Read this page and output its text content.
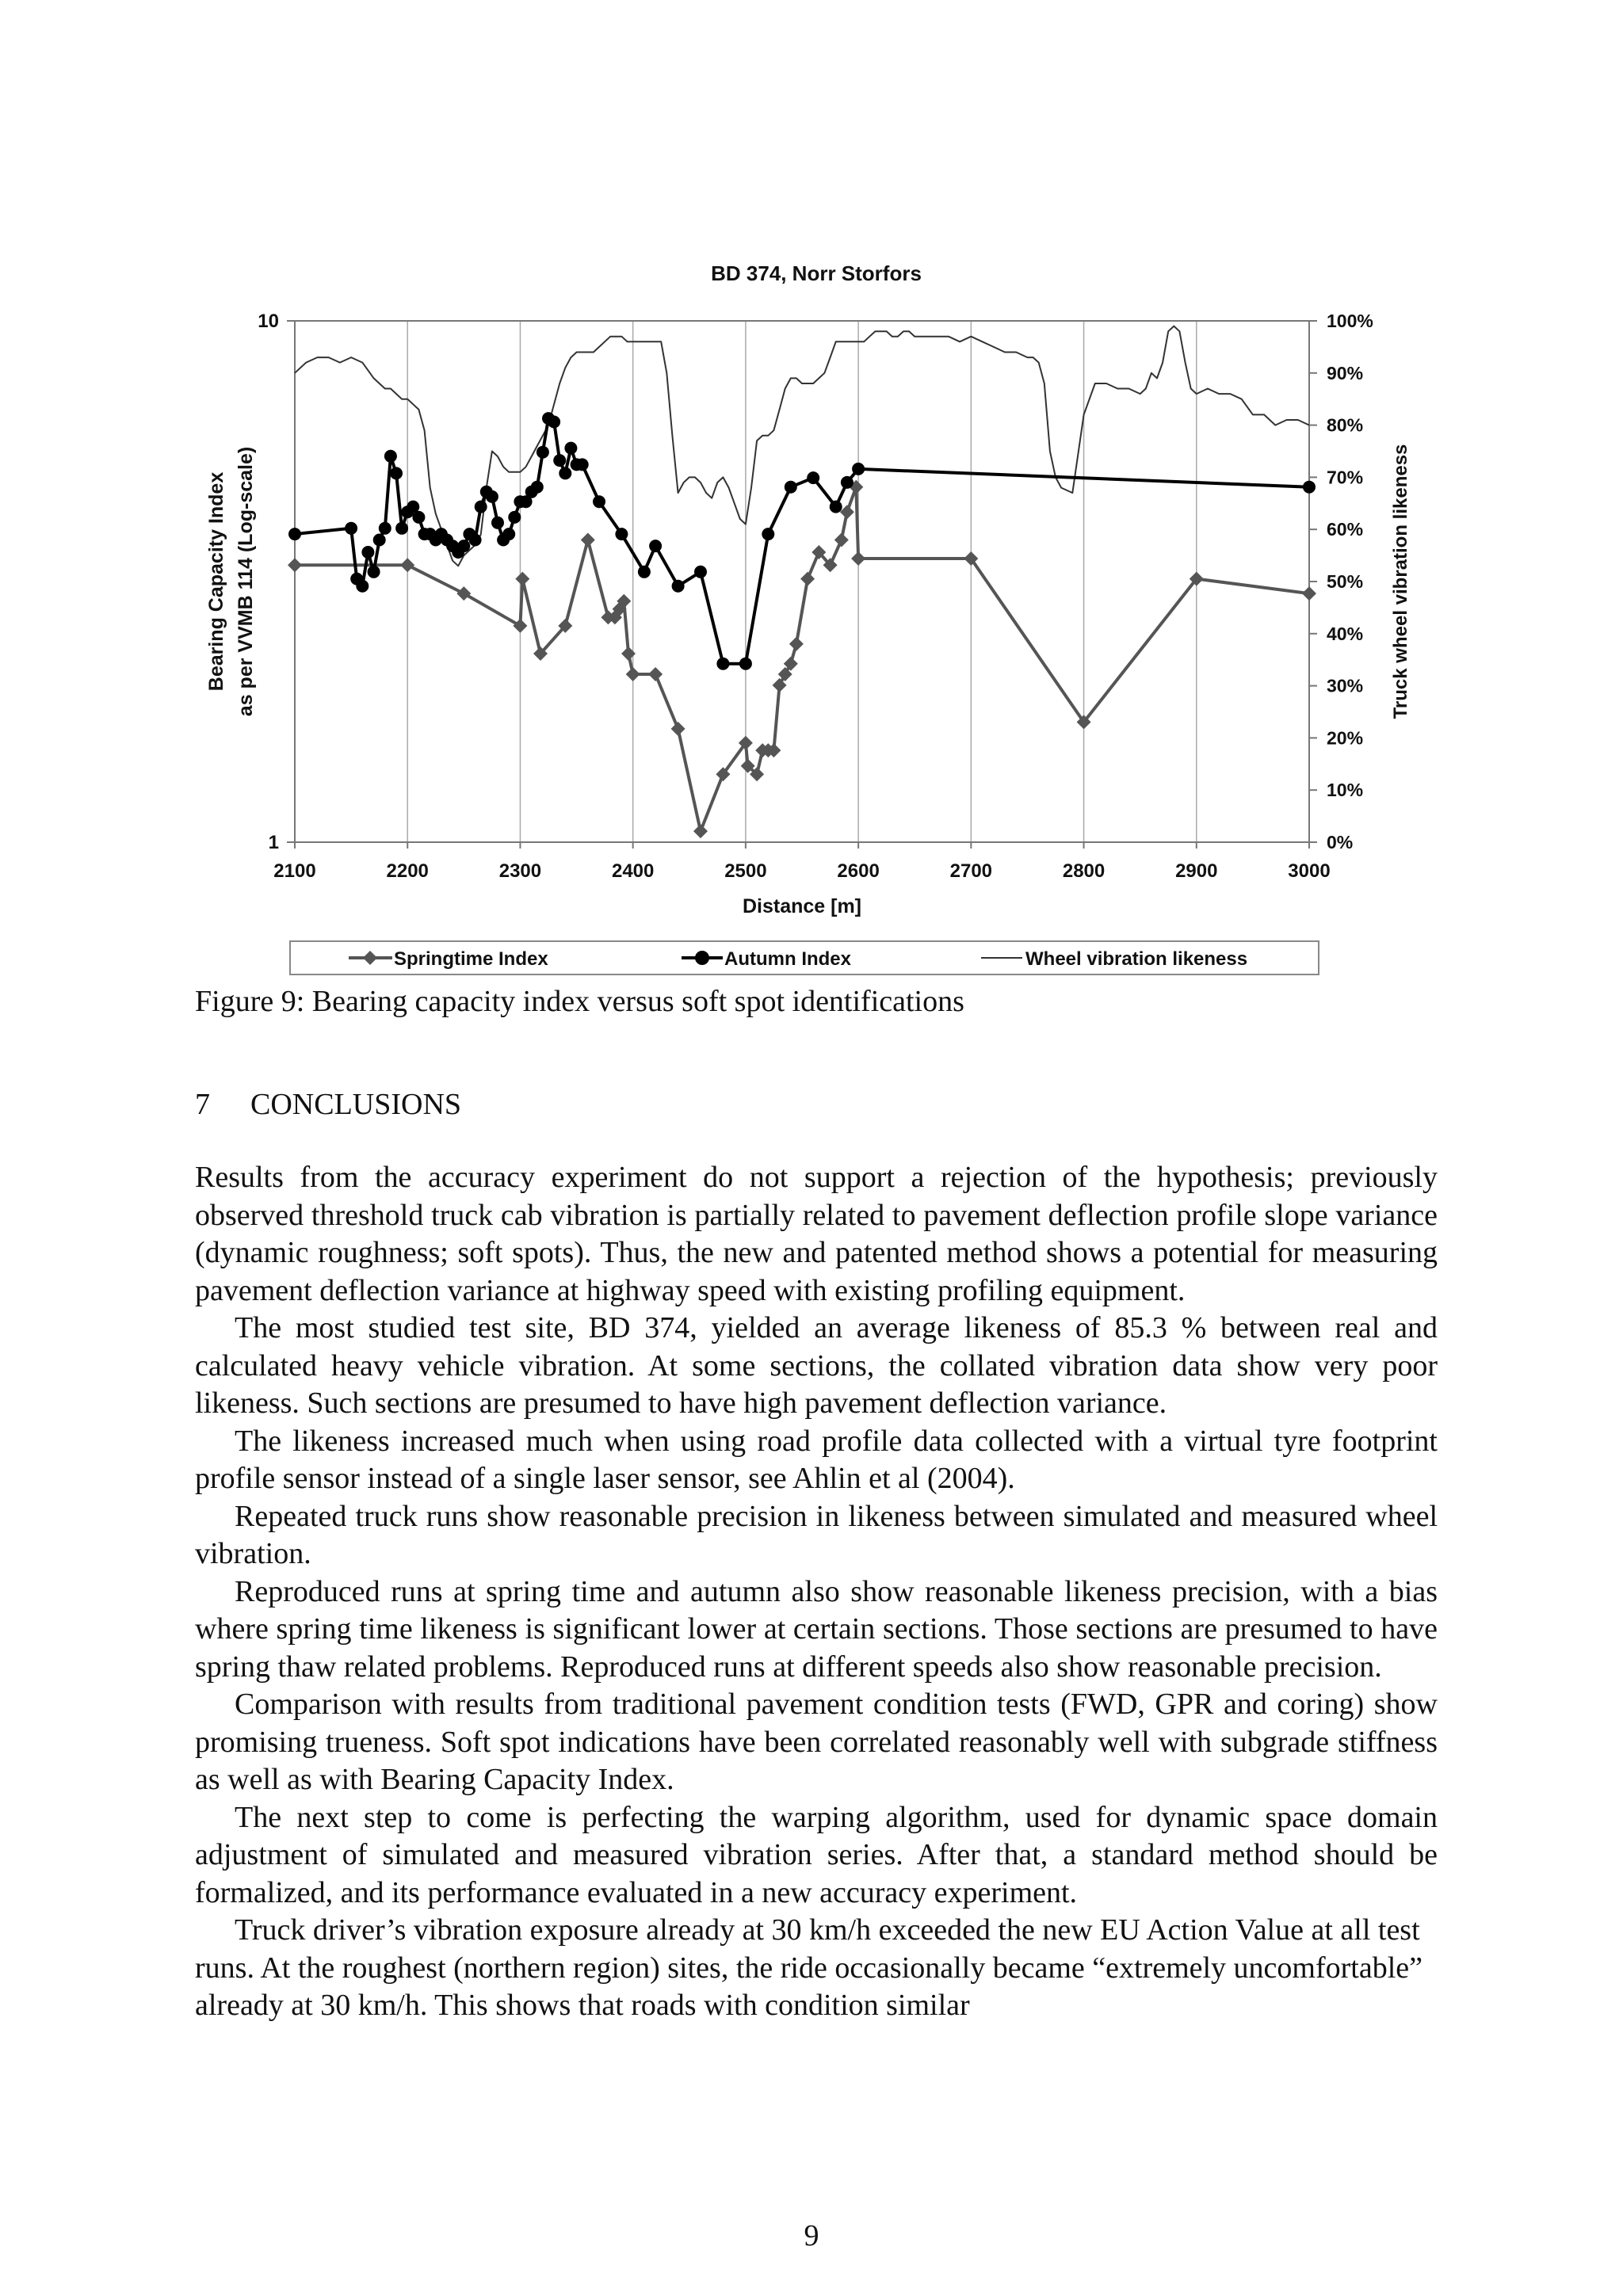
BD 374, Norr Storfors
2100	2200	2300	2400	2500	2600	2700	2800	2900	3000
10
1
100%
90%
80%
70%
60%
50%
40%
30%
20%
10%
0%
Distance [m]
Bearing Capacity Index as per VVMB 114 (Log-scale)	Truck wheel vibration likeness
Springtime Index	Autumn Index	Wheel vibration likeness

Figure 9: Bearing capacity index versus soft spot identifications

7 CONCLUSIONS

Results from the accuracy experiment do not support a rejection of the hypothesis; previously observed threshold truck cab vibration is partially related to pavement deflection profile slope variance (dynamic roughness; soft spots). Thus, the new and patented method shows a potential for measuring pavement deflection variance at highway speed with existing profiling equipment.

The most studied test site, BD 374, yielded an average likeness of 85.3 % between real and calculated heavy vehicle vibration. At some sections, the collated vibration data show very poor likeness. Such sections are presumed to have high pavement deflection variance.

The likeness increased much when using road profile data collected with a virtual tyre footprint profile sensor instead of a single laser sensor, see Ahlin et al (2004).

Repeated truck runs show reasonable precision in likeness between simulated and measured wheel vibration.

Reproduced runs at spring time and autumn also show reasonable likeness precision, with a bias where spring time likeness is significant lower at certain sections. Those sections are presumed to have spring thaw related problems. Reproduced runs at different speeds also show reasonable precision.

Comparison with results from traditional pavement condition tests (FWD, GPR and coring) show promising trueness. Soft spot indications have been correlated reasonably well with subgrade stiffness as well as with Bearing Capacity Index.

The next step to come is perfecting the warping algorithm, used for dynamic space domain adjustment of simulated and measured vibration series. After that, a standard method should be formalized, and its performance evaluated in a new accuracy experiment.

Truck driver’s vibration exposure already at 30 km/h exceeded the new EU Action Value at all test runs. At the roughest (northern region) sites, the ride occasionally became “extremely uncomfortable” already at 30 km/h. This shows that roads with condition similar

9
